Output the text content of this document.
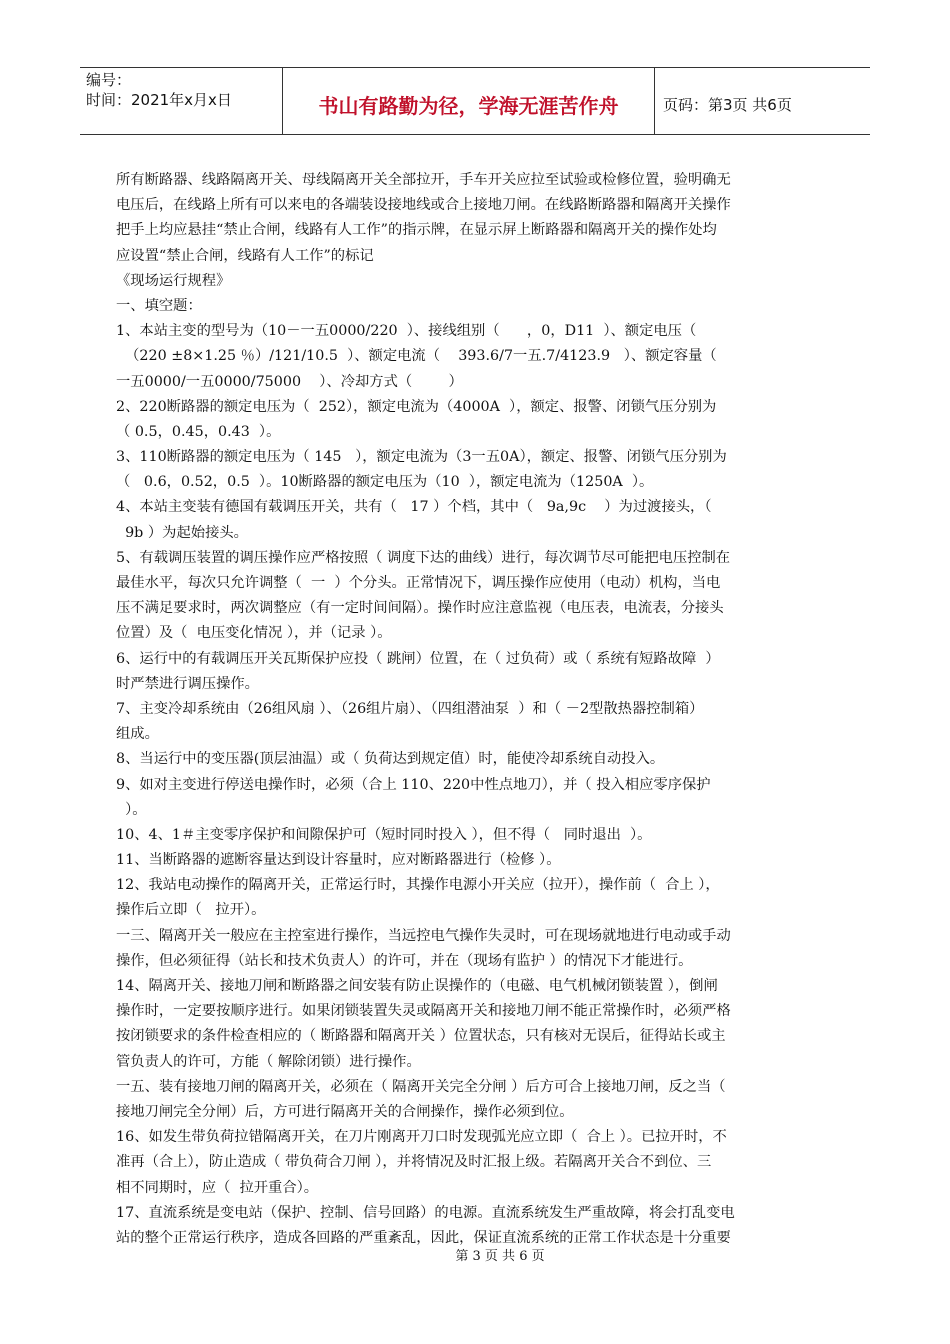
编号：
时间：2021年x月x日	书山有路勤为径，学海无涯苦作舟	页码：第3页 共6页
所有断路器、线路隔离开关、母线隔离开关全部拉开，手车开关应拉至试验或检修位置，验明确无
电压后，在线路上所有可以来电的各端装设接地线或合上接地刀闸。在线路断路器和隔离开关操作
把手上均应悬挂“禁止合闸，线路有人工作”的指示牌，在显示屏上断路器和隔离开关的操作处均
应设置“禁止合闸，线路有人工作”的标记
《现场运行规程》
一、填空题：
1、本站主变的型号为（10－一五0000/220  ）、接线组别（      ，0，D11  ）、额定电压（
（220 ±8×1.25 ％）/121/10.5  ）、额定电流（    393.6/7一五.7/4123.9   ）、额定容量（
一五0000/一五0000/75000    ）、冷却方式（        ）
2、220断路器的额定电压为（  252），额定电流为（4000A  ），额定、报警、闭锁气压分别为
（ 0.5，0.45，0.43  ）。
3、110断路器的额定电压为（ 145   ），额定电流为（3一五0A），额定、报警、闭锁气压分别为
（   0.6，0.52，0.5  ）。10断路器的额定电压为（10  ），额定电流为（1250A  ）。
4、本站主变装有德国有载调压开关，共有（   17 ）个档，其中（   9a,9c    ）为过渡接头，（
9b ）为起始接头。
5、有载调压装置的调压操作应严格按照（ 调度下达的曲线）进行，每次调节尽可能把电压控制在
最佳水平，每次只允许调整（  一  ）个分头。正常情况下，调压操作应使用（电动）机构，当电
压不满足要求时，两次调整应（有一定时间间隔）。操作时应注意监视（电压表，电流表，分接头
位置）及（  电压变化情况 ），并（记录 ）。
6、运行中的有载调压开关瓦斯保护应投（ 跳闸）位置，在（ 过负荷）或（ 系统有短路故障  ）
时严禁进行调压操作。
7、主变冷却系统由（26组风扇 ）、（26组片扇）、（四组潜油泵  ）和（ －2型散热器控制箱）
组成。
8、当运行中的变压器(顶层油温）或（ 负荷达到规定值）时，能使冷却系统自动投入。
9、如对主变进行停送电操作时，必须（合上 110、220中性点地刀），并（ 投入相应零序保护
）。
10、4、1＃主变零序保护和间隙保护可（短时同时投入 ），但不得（   同时退出  ）。
11、当断路器的遮断容量达到设计容量时，应对断路器进行（检修 ）。
12、我站电动操作的隔离开关，正常运行时，其操作电源小开关应（拉开），操作前（  合上 ），
操作后立即（   拉开）。
一三、隔离开关一般应在主控室进行操作，当远控电气操作失灵时，可在现场就地进行电动或手动
操作，但必须征得（站长和技术负责人）的许可，并在（现场有监护 ）的情况下才能进行。
14、隔离开关、接地刀闸和断路器之间安装有防止误操作的（电磁、电气机械闭锁装置 ），倒闸
操作时，一定要按顺序进行。如果闭锁装置失灵或隔离开关和接地刀闸不能正常操作时，必须严格
按闭锁要求的条件检查相应的（ 断路器和隔离开关 ）位置状态，只有核对无误后，征得站长或主
管负责人的许可，方能（ 解除闭锁）进行操作。
一五、装有接地刀闸的隔离开关，必须在（ 隔离开关完全分闸 ）后方可合上接地刀闸，反之当（
接地刀闸完全分闸）后，方可进行隔离开关的合闸操作，操作必须到位。
16、如发生带负荷拉错隔离开关，在刀片刚离开刀口时发现弧光应立即（  合上 ）。已拉开时，不
准再（合上），防止造成（ 带负荷合刀闸 ），并将情况及时汇报上级。若隔离开关合不到位、三
相不同期时，应（  拉开重合）。
17、直流系统是变电站（保护、控制、信号回路）的电源。直流系统发生严重故障，将会打乱变电
站的整个正常运行秩序，造成各回路的严重紊乱，因此，保证直流系统的正常工作状态是十分重要
第 3 页 共 6 页
